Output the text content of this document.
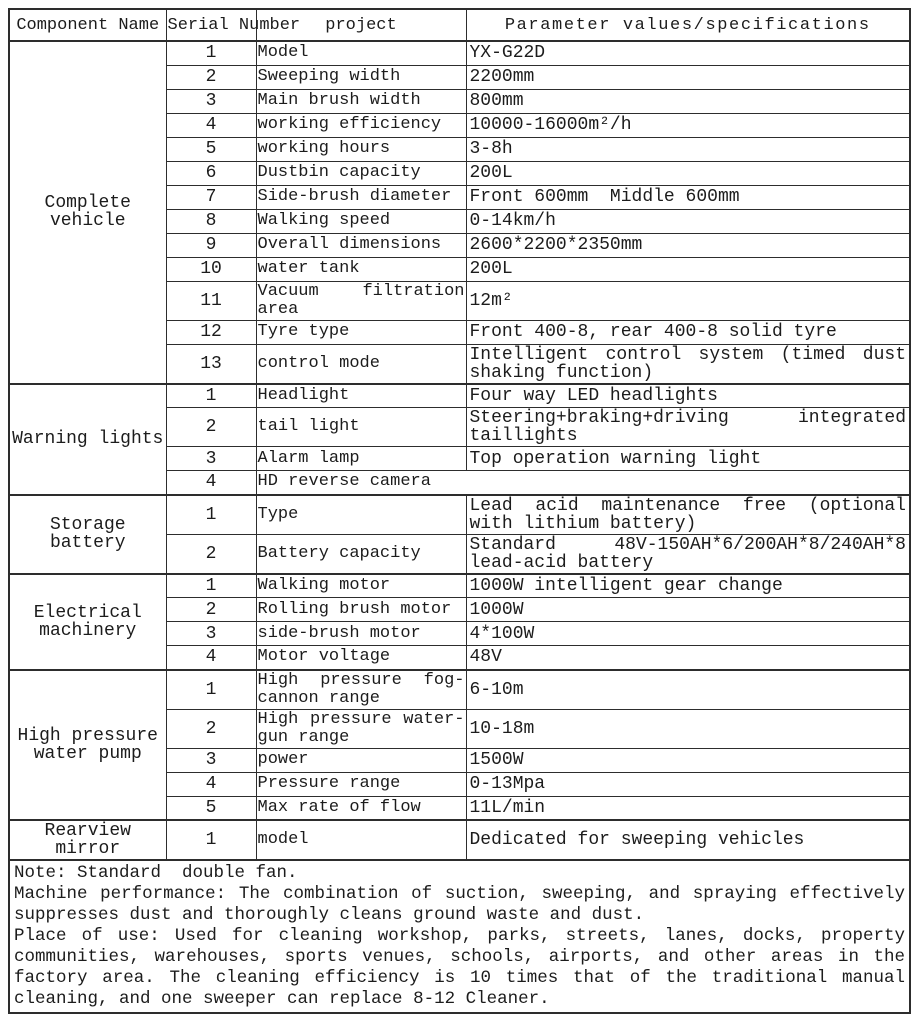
Component Name	Serial Number	project	Parameter values/specifications
Complete vehicle	1	Model	YX-G22D
	2	Sweeping width	2200mm
	3	Main brush width	800mm
	4	working efficiency	10000-16000m²/h
	5	working hours	3-8h
	6	Dustbin capacity	200L
	7	Side-brush diameter	Front 600mm  Middle 600mm
	8	Walking speed	0-14km/h
	9	Overall dimensions	2600*2200*2350mm
	10	water tank	200L
	11	Vacuum filtration area	12m²
	12	Tyre type	Front 400-8, rear 400-8 solid tyre
	13	control mode	Intelligent control system (timed dust shaking function)
Warning lights	1	Headlight	Four way LED headlights
	2	tail light	Steering+braking+driving integrated taillights
	3	Alarm lamp	Top operation warning light
	4	HD reverse camera	
Storage battery	1	Type	Lead acid maintenance free (optional with lithium battery)
	2	Battery capacity	Standard 48V-150AH*6/200AH*8/240AH*8 lead-acid battery
Electrical machinery	1	Walking motor	1000W intelligent gear change
	2	Rolling brush motor	1000W
	3	side-brush motor	4*100W
	4	Motor voltage	48V
High pressure water pump	1	High pressure fog-cannon range	6-10m
	2	High pressure water-gun range	10-18m
	3	power	1500W
	4	Pressure range	0-13Mpa
	5	Max rate of flow	11L/min
Rearview mirror	1	model	Dedicated for sweeping vehicles

Note: Standard  double fan.

Machine performance: The combination of suction, sweeping, and spraying effectively suppresses dust and thoroughly cleans ground waste and dust.

Place of use: Used for cleaning workshop, parks, streets, lanes, docks, property communities, warehouses, sports venues, schools, airports, and other areas in the factory area. The cleaning efficiency is 10 times that of the traditional manual cleaning, and one sweeper can replace 8-12 Cleaner.			
